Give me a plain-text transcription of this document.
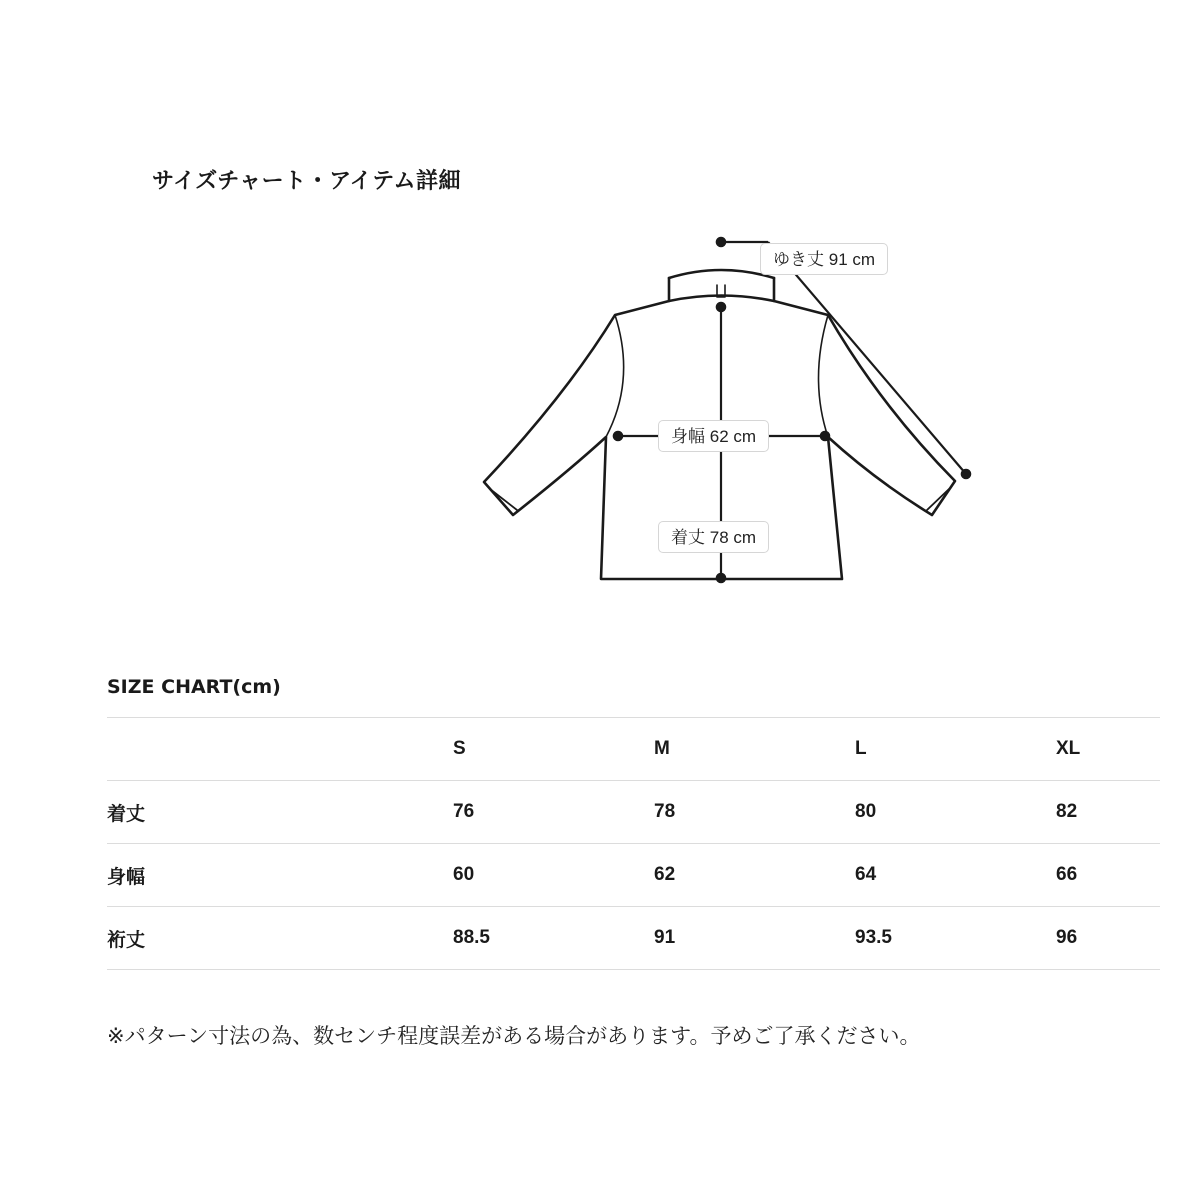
サイズチャート・アイテム詳細
ゆき丈 91 cm
身幅 62 cm
着丈 78 cm
SIZE CHART(cm)
	S	M	L	XL
着丈	76	78	80	82
身幅	60	62	64	66
裄丈	88.5	91	93.5	96
※パターン寸法の為、数センチ程度誤差がある場合があります。予めご了承ください。
